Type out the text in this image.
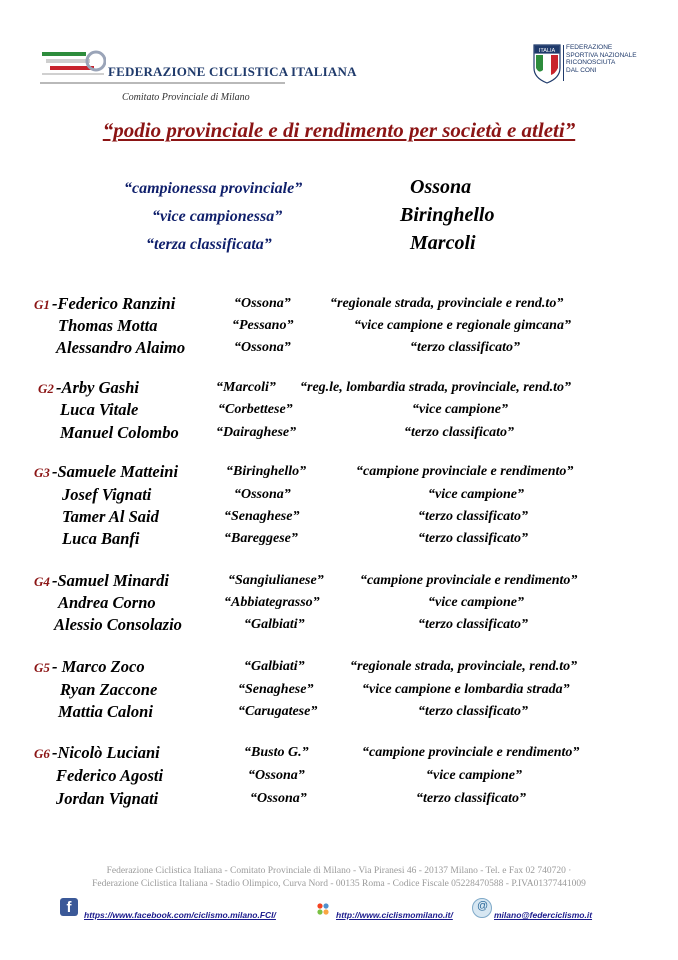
FEDERAZIONE CICLISTICA ITALIANA
Comitato Provinciale di Milano
ITALIA FEDERAZIONE
SPORTIVA NAZIONALE
RICONOSCIUTA
DAL CONI
“podio provinciale e di rendimento per società e atleti”
“campionessa provinciale”	Ossona
“vice campionessa”	Biringhello
“terza classificata”	Marcoli
G1 -Federico Ranzini	“Ossona”	“regionale strada, provinciale e rend.to”
Thomas Motta	“Pessano”	“vice campione e regionale gimcana”
Alessandro Alaimo	“Ossona”	“terzo classificato”
G2 -Arby Gashi	“Marcoli” “reg.le, lombardia strada, provinciale, rend.to”
Luca Vitale	“Corbettese”	“vice campione”
Manuel Colombo	“Dairaghese”	“terzo classificato”
G3 -Samuele Matteini	“Biringhello”	“campione provinciale e rendimento”
Josef Vignati	“Ossona”	“vice campione”
Tamer Al Said	“Senaghese”	“terzo classificato”
Luca Banfi	“Bareggese”	“terzo classificato”
G4 -Samuel Minardi	“Sangiulianese”	“campione provinciale e rendimento”
Andrea Corno	“Abbiategrasso”	“vice campione”
Alessio Consolazio	“Galbiati”	“terzo classificato”
G5 - Marco Zoco	“Galbiati”	“regionale strada, provinciale, rend.to”
Ryan Zaccone	“Senaghese”	“vice campione e lombardia strada”
Mattia Caloni	“Carugatese”	“terzo classificato”
G6 -Nicolò Luciani	“Busto G.”	“campione provinciale e rendimento”
Federico Agosti	“Ossona”	“vice campione”
Jordan Vignati	“Ossona”	“terzo classificato”
Federazione Ciclistica Italiana - Comitato Provinciale di Milano - Via Piranesi 46 - 20137 Milano - Tel. e Fax 02 740720 ·
Federazione Ciclistica Italiana - Stadio Olimpico, Curva Nord - 00135 Roma - Codice Fiscale 05228470588 - P.IVA01377441009
f	https://www.facebook.com/ciclismo.milano.FCI/	http://www.ciclismomilano.it/
@	milano@federciclismo.it
